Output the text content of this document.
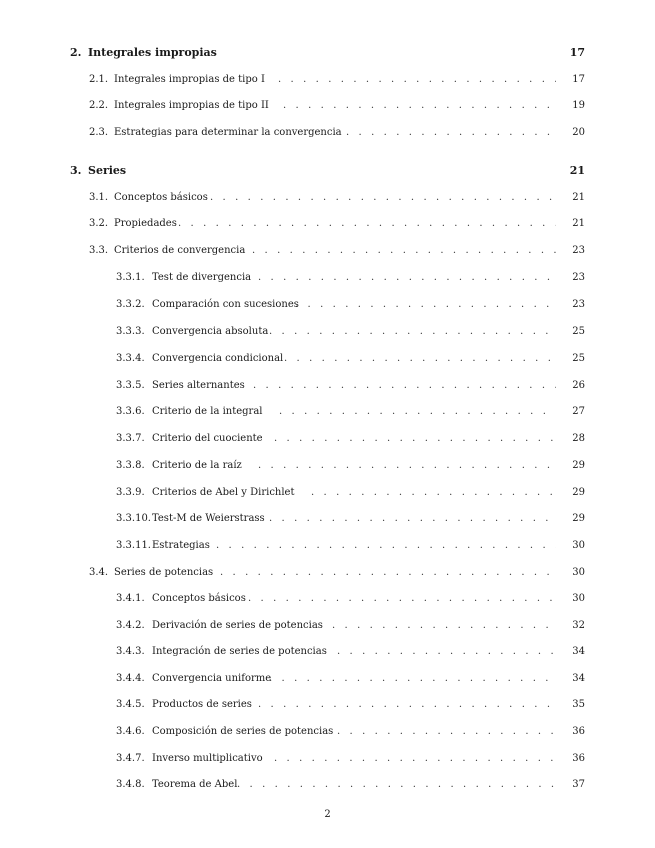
2. Integrales impropias	17
2.1. Integrales impropias de tipo I . . .	17
2.2. Integrales impropias de tipo II . . .	19
2.3. Estrategias para determinar la convergencia . . .	20
3. Series	21
3.1. Conceptos básicos . . .	21
3.2. Propiedades . . .	21
3.3. Criterios de convergencia . . .	23
3.3.1. Test de divergencia . . .	23
3.3.2. Comparación con sucesiones . . .	23
3.3.3. Convergencia absoluta . . .	25
3.3.4. Convergencia condicional . . .	25
3.3.5. Series alternantes . . .	26
3.3.6. Criterio de la integral . . .	27
3.3.7. Criterio del cuociente . . .	28
3.3.8. Criterio de la raíz . . .	29
3.3.9. Criterios de Abel y Dirichlet . . .	29
3.3.10. Test-M de Weierstrass . . .	29
3.3.11. Estrategias . . .	30
3.4. Series de potencias . . .	30
3.4.1. Conceptos básicos . . .	30
3.4.2. Derivación de series de potencias . . .	32
3.4.3. Integración de series de potencias . . .	34
3.4.4. Convergencia uniforme . . .	34
3.4.5. Productos de series . . .	35
3.4.6. Composición de series de potencias . . .	36
3.4.7. Inverso multiplicativo . . .	36
3.4.8. Teorema de Abel . . .	37
2
